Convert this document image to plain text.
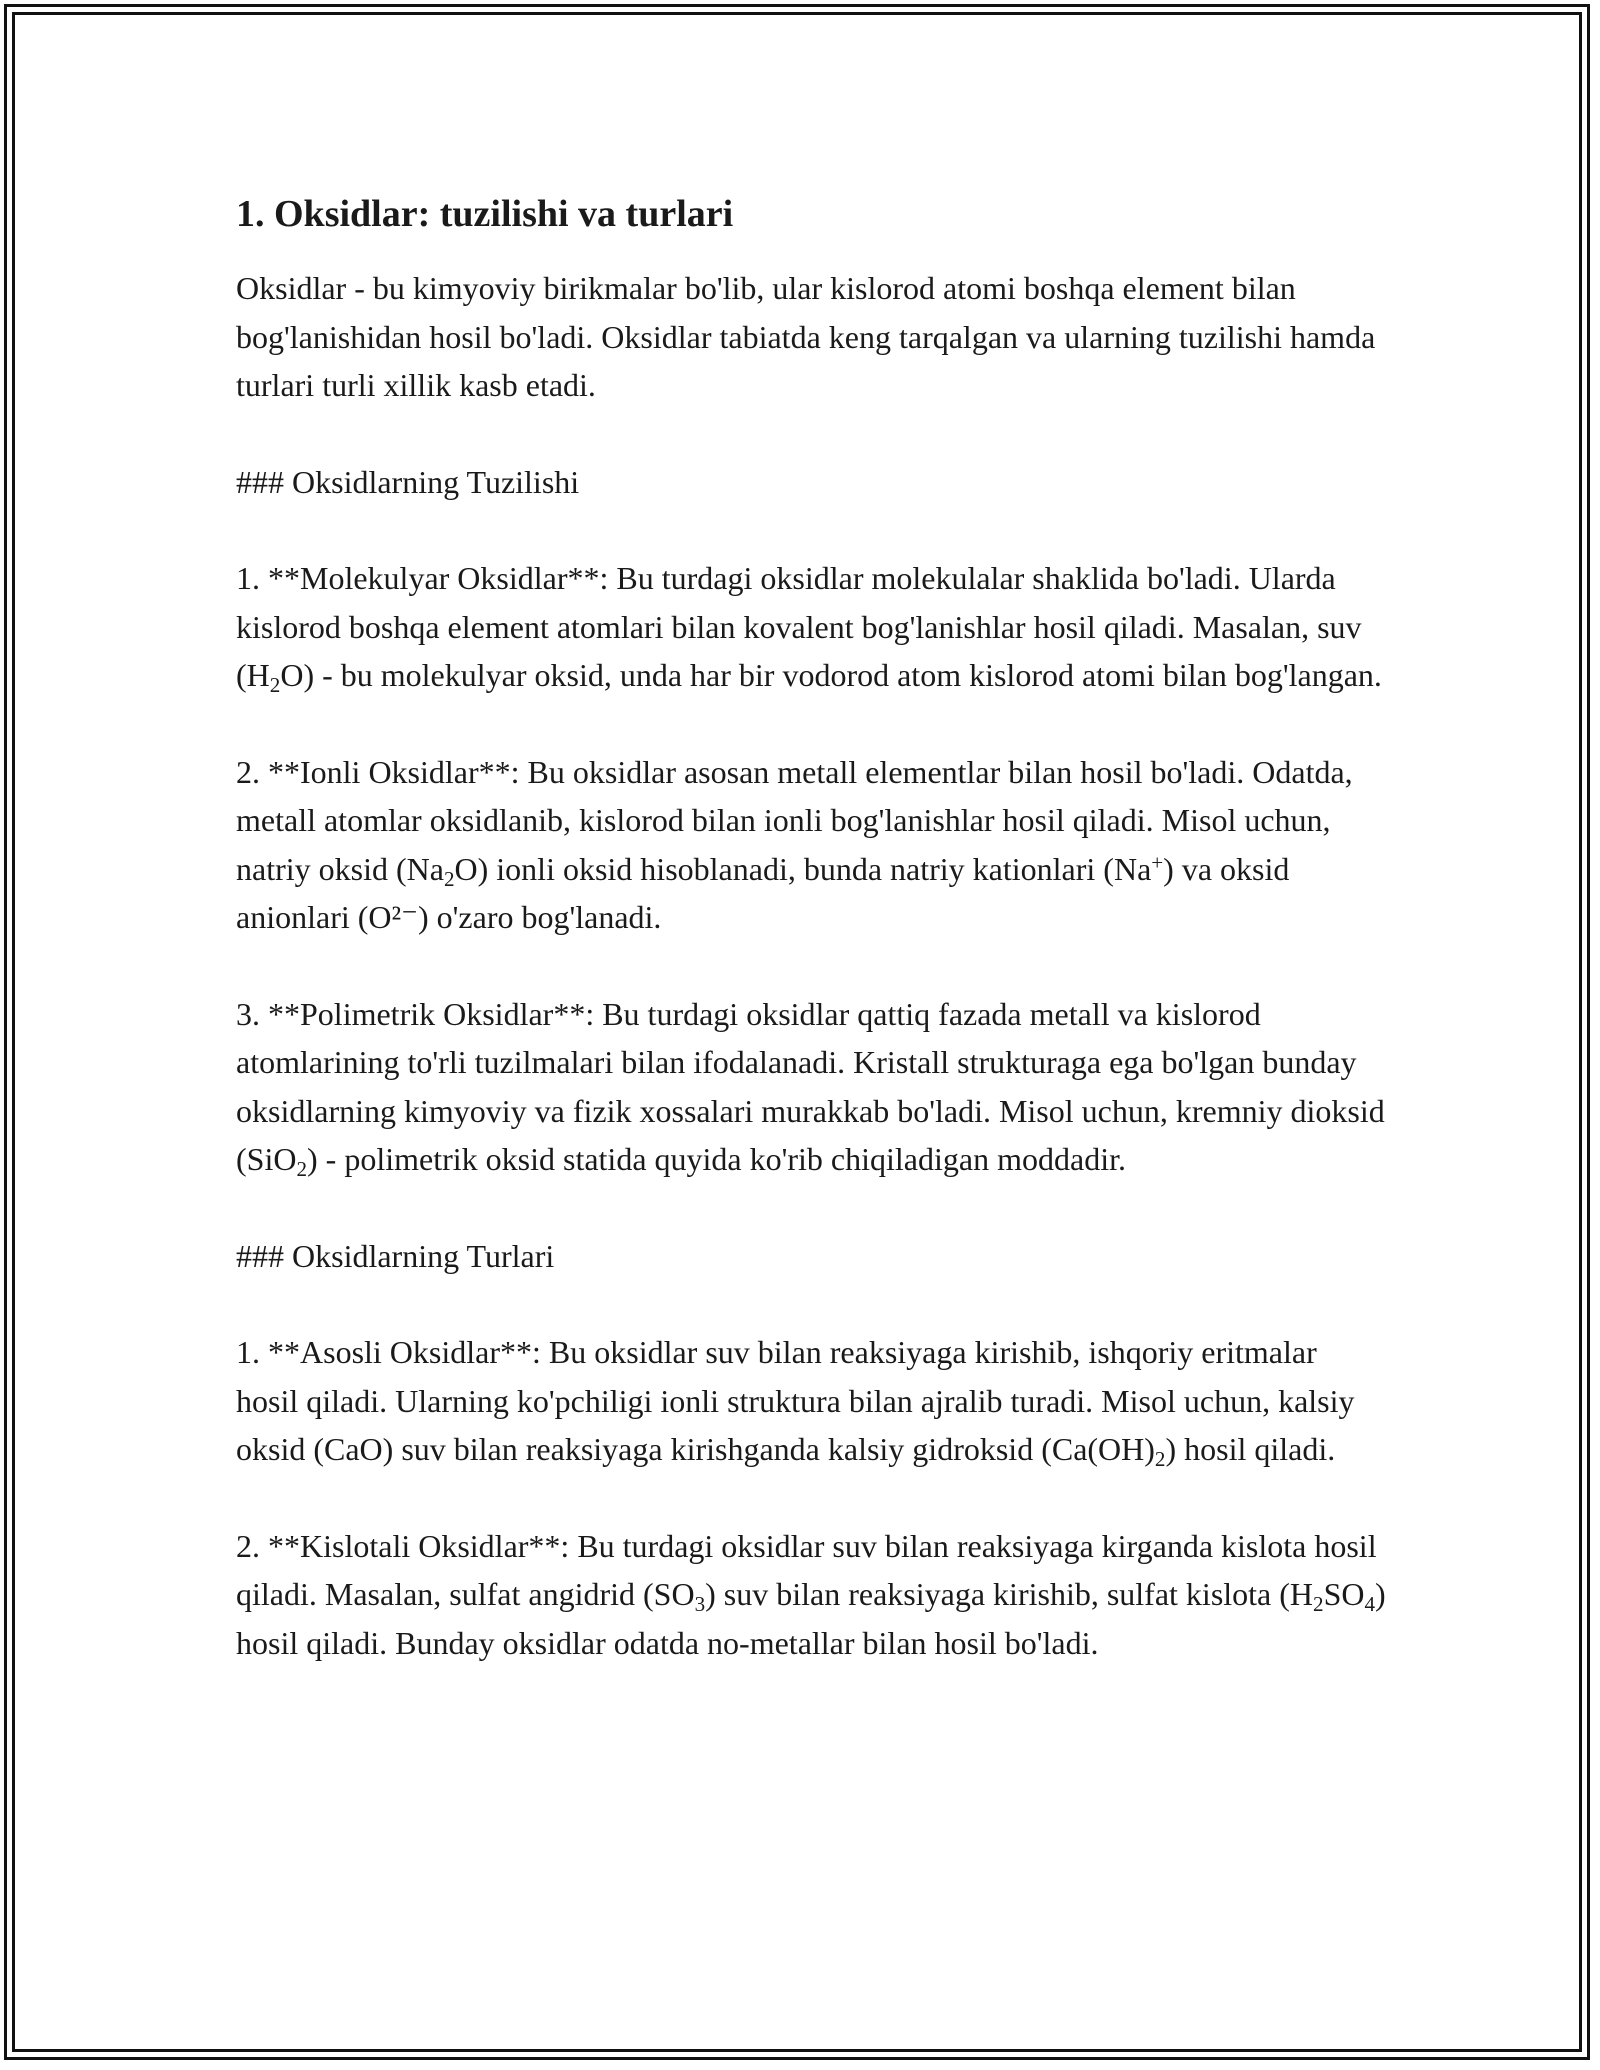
1. Oksidlar: tuzilishi va turlari

Oksidlar - bu kimyoviy birikmalar bo'lib, ular kislorod atomi boshqa element bilan bog'lanishidan hosil bo'ladi. Oksidlar tabiatda keng tarqalgan va ularning tuzilishi hamda turlari turli xillik kasb etadi.

### Oksidlarning Tuzilishi

1. **Molekulyar Oksidlar**: Bu turdagi oksidlar molekulalar shaklida bo'ladi. Ularda kislorod boshqa element atomlari bilan kovalent bog'lanishlar hosil qiladi. Masalan, suv $(H_2O)$ - bu molekulyar oksid, unda har bir vodorod atom kislorod atomi bilan bog'langan.

2. **Ionli Oksidlar**: Bu oksidlar asosan metall elementlar bilan hosil bo'ladi. Odatda, metall atomlar oksidlanib, kislorod bilan ionli bog'lanishlar hosil qiladi. Misol uchun, natriy oksid $(Na_2O)$ ionli oksid hisoblanadi, bunda natriy kationlari (Na+) va oksid anionlari (O²⁻) o'zaro bog'lanadi.

3. **Polimetrik Oksidlar**: Bu turdagi oksidlar qattiq fazada metall va kislorod atomlarining to'rli tuzilmalari bilan ifodalanadi. Kristall strukturaga ega bo'lgan bunday oksidlarning kimyoviy va fizik xossalari murakkab bo'ladi. Misol uchun, kremniy dioksid (SiO$_2$) - polimetrik oksid statida quyida ko'rib chiqiladigan moddadir.

### Oksidlarning Turlari

1. **Asosli Oksidlar**: Bu oksidlar suv bilan reaksiyaga kirishib, ishqoriy eritmalar hosil qiladi. Ularning ko'pchiligi ionli struktura bilan ajralib turadi. Misol uchun, kalsiy oksid (CaO) suv bilan reaksiyaga kirishganda kalsiy gidroksid $(Ca(OH)_2)$ hosil qiladi.

2. **Kislotali Oksidlar**: Bu turdagi oksidlar suv bilan reaksiyaga kirganda kislota hosil qiladi. Masalan, sulfat angidrid $(SO_3)$ suv bilan reaksiyaga kirishib, sulfat kislota $(H_2SO_4)$ hosil qiladi. Bunday oksidlar odatda no-metallar bilan hosil bo'ladi.
